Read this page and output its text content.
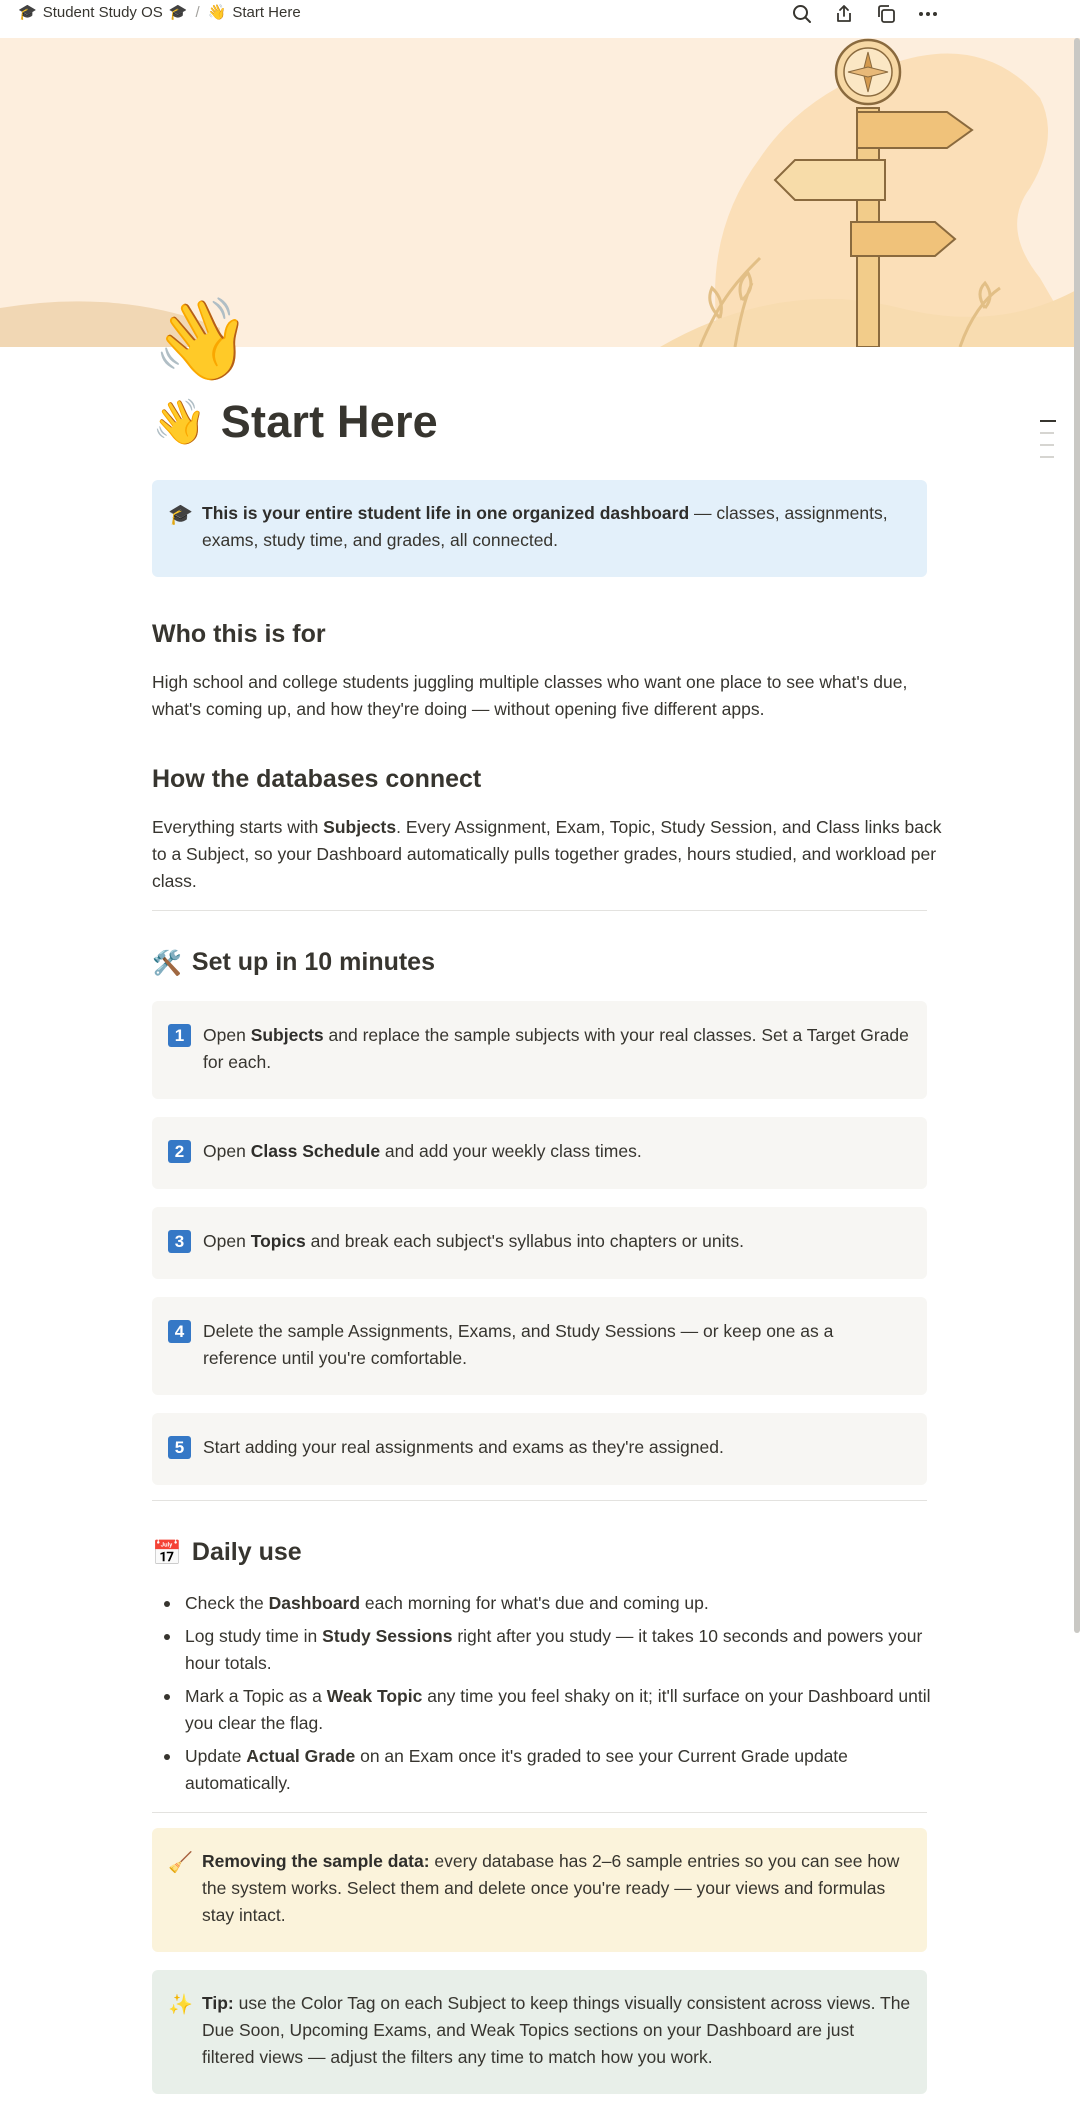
🎓 Student Study OS 🎓 / 👋 Start Here
👋
👋 Start Here
🎓 This is your entire student life in one organized dashboard — classes, assignments, exams, study time, and grades, all connected.
Who this is for
High school and college students juggling multiple classes who want one place to see what's due, what's coming up, and how they're doing — without opening five different apps.
How the databases connect
Everything starts with Subjects. Every Assignment, Exam, Topic, Study Session, and Class links back to a Subject, so your Dashboard automatically pulls together grades, hours studied, and workload per class.
🛠️ Set up in 10 minutes
1	Open Subjects and replace the sample subjects with your real classes. Set a Target Grade for each.
2	Open Class Schedule and add your weekly class times.
3	Open Topics and break each subject's syllabus into chapters or units.
4	Delete the sample Assignments, Exams, and Study Sessions — or keep one as a reference until you're comfortable.
5	Start adding your real assignments and exams as they're assigned.
📅 Daily use
Check the Dashboard each morning for what's due and coming up.
Log study time in Study Sessions right after you study — it takes 10 seconds and powers your hour totals.
Mark a Topic as a Weak Topic any time you feel shaky on it; it'll surface on your Dashboard until you clear the flag.
Update Actual Grade on an Exam once it's graded to see your Current Grade update automatically.
🧹 Removing the sample data: every database has 2–6 sample entries so you can see how the system works. Select them and delete once you're ready — your views and formulas stay intact.
✨ Tip: use the Color Tag on each Subject to keep things visually consistent across views. The Due Soon, Upcoming Exams, and Weak Topics sections on your Dashboard are just filtered views — adjust the filters any time to match how you work.
